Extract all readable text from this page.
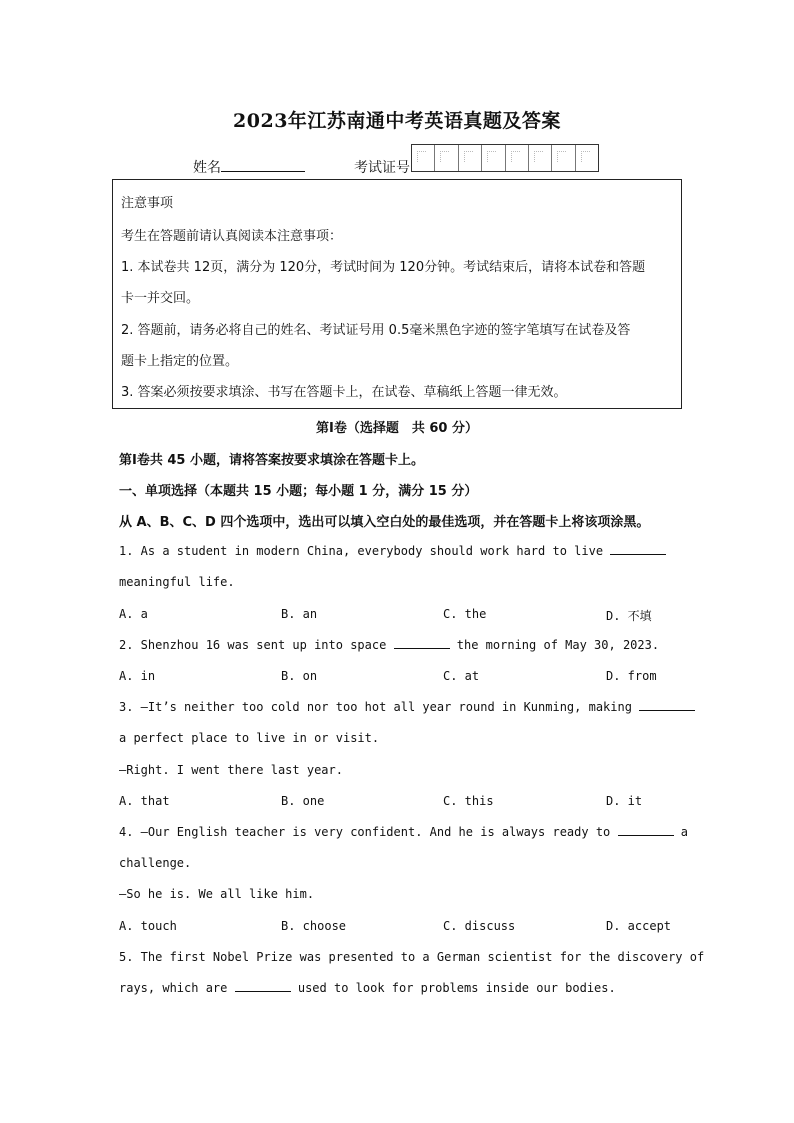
2023年江苏南通中考英语真题及答案
姓名	考试证号
注意事项
考生在答题前请认真阅读本注意事项：
1. 本试卷共 12页，满分为 120分，考试时间为 120分钟。考试结束后，请将本试卷和答题
卡一并交回。
2. 答题前，请务必将自己的姓名、考试证号用 0.5毫米黑色字迹的签字笔填写在试卷及答
题卡上指定的位置。
3. 答案必须按要求填涂、书写在答题卡上，在试卷、草稿纸上答题一律无效。
第Ⅰ卷（选择题　共 60 分）
第Ⅰ卷共 45 小题，请将答案按要求填涂在答题卡上。
一、单项选择（本题共 15 小题；每小题 1 分，满分 15 分）
从 A、B、C、D 四个选项中，选出可以填入空白处的最佳选项，并在答题卡上将该项涂黑。
1. As a student in modern China, everybody should work hard to live
meaningful life.
A. a	B. an	C. the	D. 不填
2. Shenzhou 16 was sent up into space	the morning of May 30, 2023.
A. in	B. on	C. at	D. from
3. —It’s neither too cold nor too hot all year round in Kunming, making
a perfect place to live in or visit.
—Right. I went there last year.
A. that	B. one	C. this	D. it
4. —Our English teacher is very confident. And he is always ready to	a
challenge.
—So he is. We all like him.
A. touch	B. choose	C. discuss	D. accept
5. The first Nobel Prize was presented to a German scientist for the discovery of
rays, which are	used to look for problems inside our bodies.
